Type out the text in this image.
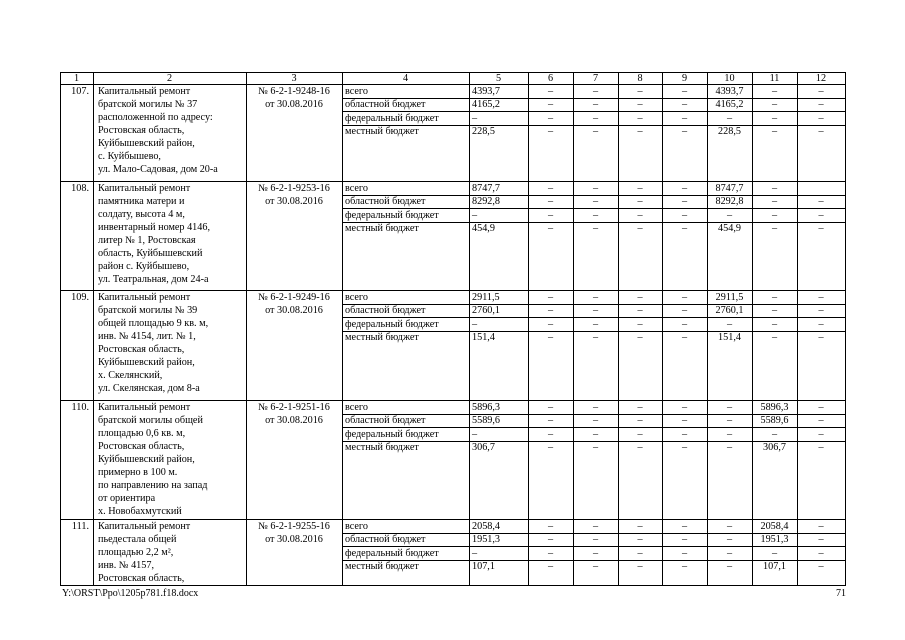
1	2	3	4	5	6	7	8	9	10	11	12
107. Капитальный ремонт
братской могилы № 37
расположенной по адресу:
Ростовская область,
Куйбышевский район,
с. Куйбышево,
ул. Мало-Садовая, дом 20-а
№ 6-2-1-9248-16
от 30.08.2016
всего	4393,7	–	–	–	–	4393,7	–	–
областной бюджет	4165,2	–	–	–	–	4165,2	–	–
федеральный бюджет	–	–	–	–	–	–	–	–
местный бюджет	228,5	–	–	–	–	228,5	–	–
108. Капитальный ремонт
памятника матери и
солдату, высота 4 м,
инвентарный номер 4146,
литер № 1, Ростовская
область, Куйбышевский
район с. Куйбышево,
ул. Театральная, дом 24-а
№ 6-2-1-9253-16
от 30.08.2016
всего	8747,7	–	–	–	–	8747,7	–
областной бюджет	8292,8	–	–	–	–	8292,8	–	–
федеральный бюджет	–	–	–	–	–	–	–	–
местный бюджет	454,9	–	–	–	–	454,9	–	–
109. Капитальный ремонт
братской могилы № 39
общей площадью 9 кв. м,
инв. № 4154, лит. № 1,
Ростовская область,
Куйбышевский район,
х. Скелянский,
ул. Скелянская, дом 8-а
№ 6-2-1-9249-16
от 30.08.2016
всего	2911,5	–	–	–	–	2911,5	–	–
областной бюджет	2760,1	–	–	–	–	2760,1	–	–
федеральный бюджет	–	–	–	–	–	–	–	–
местный бюджет	151,4	–	–	–	–	151,4	–	–
110. Капитальный ремонт
братской могилы общей
площадью 0,6 кв. м,
Ростовская область,
Куйбышевский район,
примерно в 100 м.
по направлению на запад
от ориентира
х. Новобахмутский
№ 6-2-1-9251-16
от 30.08.2016
всего	5896,3	–	–	–	–	–	5896,3	–
областной бюджет	5589,6	–	–	–	–	–	5589,6	–
федеральный бюджет	–	–	–	–	–	–	–	–
местный бюджет	306,7	–	–	–	–	–	306,7	–
111. Капитальный ремонт
пьедестала общей
площадью 2,2 м²,
инв. № 4157,
Ростовская область,
№ 6-2-1-9255-16
от 30.08.2016
всего	2058,4	–	–	–	–	–	2058,4	–
областной бюджет	1951,3	–	–	–	–	–	1951,3	–
федеральный бюджет	–	–	–	–	–	–	–	–
местный бюджет	107,1	–	–	–	–	–	107,1	–
Y:\ORST\Ppo\1205p781.f18.docx	71
